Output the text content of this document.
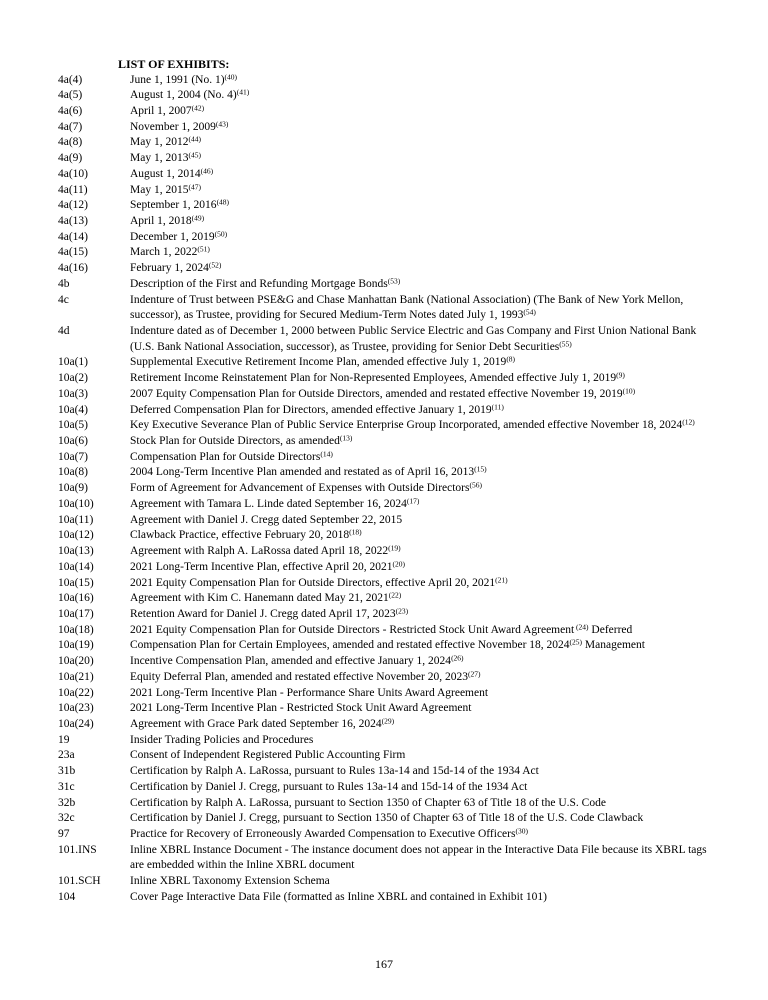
LIST OF EXHIBITS:
4a(4)	June 1, 1991 (No. 1)$^{(40)}$
4a(5)	August 1, 2004 (No. 4)$^{(41)}$
4a(6)	April 1, 2007$^{(42)}$
4a(7)	November 1, 2009$^{(43)}$
4a(8)	May 1, 2012$^{(44)}$
4a(9)	May 1, 2013$^{(45)}$
4a(10)	August 1, 2014$^{(46)}$
4a(11)	May 1, 2015$^{(47)}$
4a(12)	September 1, 2016$^{(48)}$
4a(13)	April 1, 2018$^{(49)}$
4a(14)	December 1, 2019$^{(50)}$
4a(15)	March 1, 2022$^{(51)}$
4a(16)	February 1, 2024$^{(52)}$
4b	Description of the First and Refunding Mortgage Bonds$^{(53)}$
4c	Indenture of Trust between PSE&G and Chase Manhattan Bank (National Association) (The Bank of New York Mellon, successor), as Trustee, providing for Secured Medium-Term Notes dated July 1, 1993$^{(54)}$
4d	Indenture dated as of December 1, 2000 between Public Service Electric and Gas Company and First Union National Bank (U.S. Bank National Association, successor), as Trustee, providing for Senior Debt Securities$^{(55)}$
10a(1)	Supplemental Executive Retirement Income Plan, amended effective July 1, 2019$^{(8)}$
10a(2)	Retirement Income Reinstatement Plan for Non-Represented Employees, Amended effective July 1, 2019$^{(9)}$
10a(3)	2007 Equity Compensation Plan for Outside Directors, amended and restated effective November 19, 2019$^{(10)}$
10a(4)	Deferred Compensation Plan for Directors, amended effective January 1, 2019$^{(11)}$
10a(5)	Key Executive Severance Plan of Public Service Enterprise Group Incorporated, amended effective November 18, 2024$^{(12)}$
10a(6)	Stock Plan for Outside Directors, as amended$^{(13)}$
10a(7)	Compensation Plan for Outside Directors$^{(14)}$
10a(8)	2004 Long-Term Incentive Plan amended and restated as of April 16, 2013$^{(15)}$
10a(9)	Form of Agreement for Advancement of Expenses with Outside Directors$^{(56)}$
10a(10)	Agreement with Tamara L. Linde dated September 16, 2024$^{(17)}$
10a(11)	Agreement with Daniel J. Cregg dated September 22, 2015
10a(12)	Clawback Practice, effective February 20, 2018$^{(18)}$
10a(13)	Agreement with Ralph A. LaRossa dated April 18, 2022$^{(19)}$
10a(14)	2021 Long-Term Incentive Plan, effective April 20, 2021$^{(20)}$
10a(15)	2021 Equity Compensation Plan for Outside Directors, effective April 20, 2021$^{(21)}$
10a(16)	Agreement with Kim C. Hanemann dated May 21, 2021$^{(22)}$
10a(17)	Retention Award for Daniel J. Cregg dated April 17, 2023$^{(23)}$
10a(18)	2021 Equity Compensation Plan for Outside Directors - Restricted Stock Unit Award Agreement $^{(24)}$ Deferred
10a(19)	Compensation Plan for Certain Employees, amended and restated effective November 18, 2024$^{(25)}$ Management
10a(20)	Incentive Compensation Plan, amended and effective January 1, 2024$^{(26)}$
10a(21)	Equity Deferral Plan, amended and restated effective November 20, 2023$^{(27)}$
10a(22)	2021 Long-Term Incentive Plan - Performance Share Units Award Agreement
10a(23)	2021 Long-Term Incentive Plan - Restricted Stock Unit Award Agreement
10a(24)	Agreement with Grace Park dated September 16, 2024$^{(29)}$
19	Insider Trading Policies and Procedures
23a	Consent of Independent Registered Public Accounting Firm
31b	Certification by Ralph A. LaRossa, pursuant to Rules 13a-14 and 15d-14 of the 1934 Act
31c	Certification by Daniel J. Cregg, pursuant to Rules 13a-14 and 15d-14 of the 1934 Act
32b	Certification by Ralph A. LaRossa, pursuant to Section 1350 of Chapter 63 of Title 18 of the U.S. Code
32c	Certification by Daniel J. Cregg, pursuant to Section 1350 of Chapter 63 of Title 18 of the U.S. Code Clawback
97	Practice for Recovery of Erroneously Awarded Compensation to Executive Officers$^{(30)}$
101.INS	Inline XBRL Instance Document - The instance document does not appear in the Interactive Data File because its XBRL tags are embedded within the Inline XBRL document
101.SCH	Inline XBRL Taxonomy Extension Schema
104	Cover Page Interactive Data File (formatted as Inline XBRL and contained in Exhibit 101)
167
